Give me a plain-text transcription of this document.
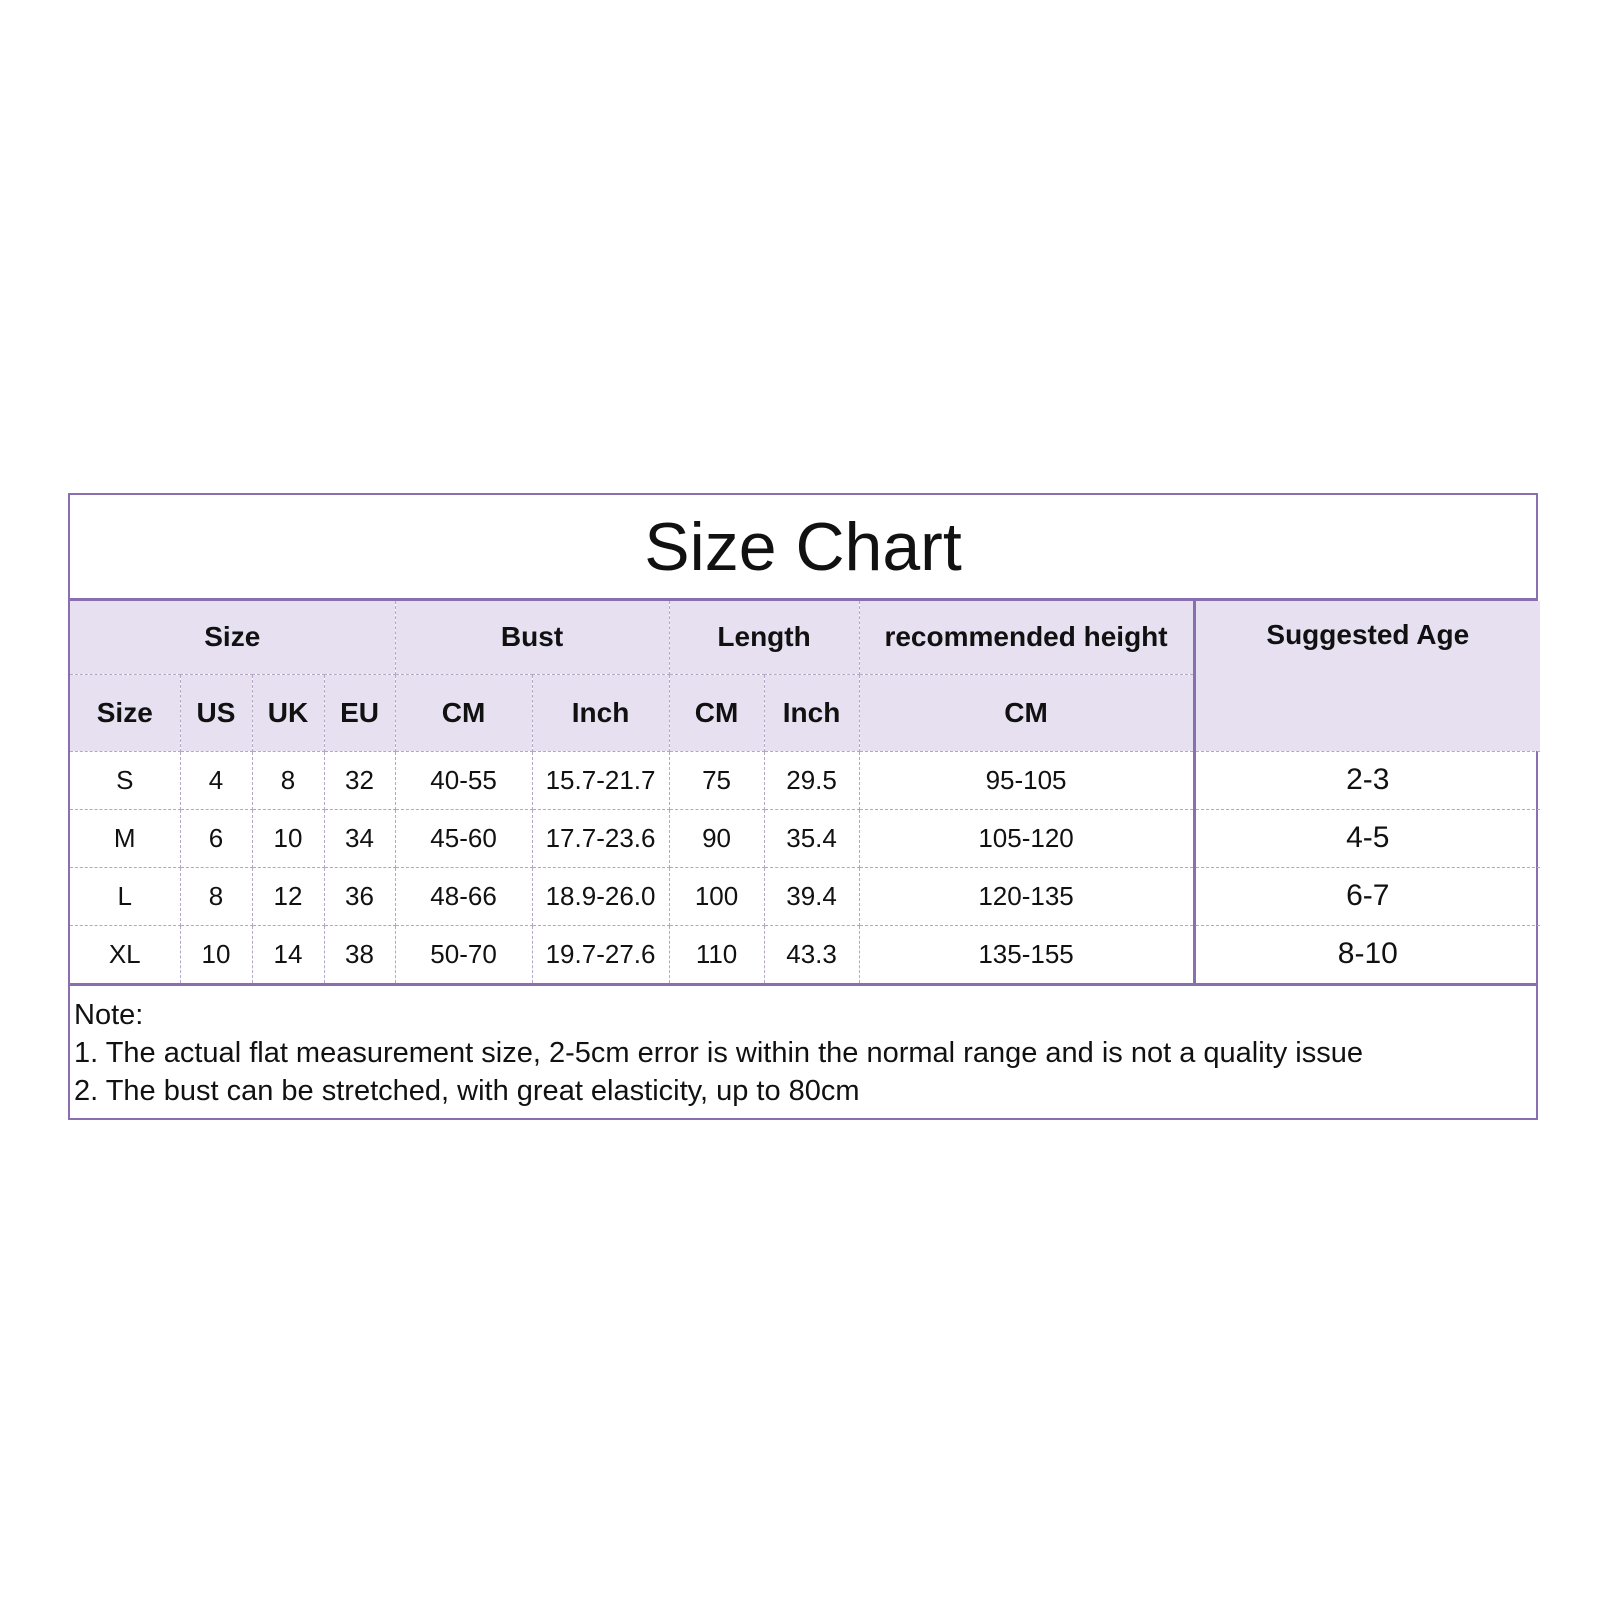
Size Chart
Size				Bust		Length		recommended height	Suggested Age
Size	US	UK	EU	CM	Inch	CM	Inch	CM	
S	4	8	32	40-55	15.7-21.7	75	29.5	95-105	2-3
M	6	10	34	45-60	17.7-23.6	90	35.4	105-120	4-5
L	8	12	36	48-66	18.9-26.0	100	39.4	120-135	6-7
XL	10	14	38	50-70	19.7-27.6	110	43.3	135-155	8-10
Note:
1. The actual flat measurement size, 2-5cm error is within the normal range and is not a quality issue
2. The bust can be stretched, with great elasticity, up to 80cm
